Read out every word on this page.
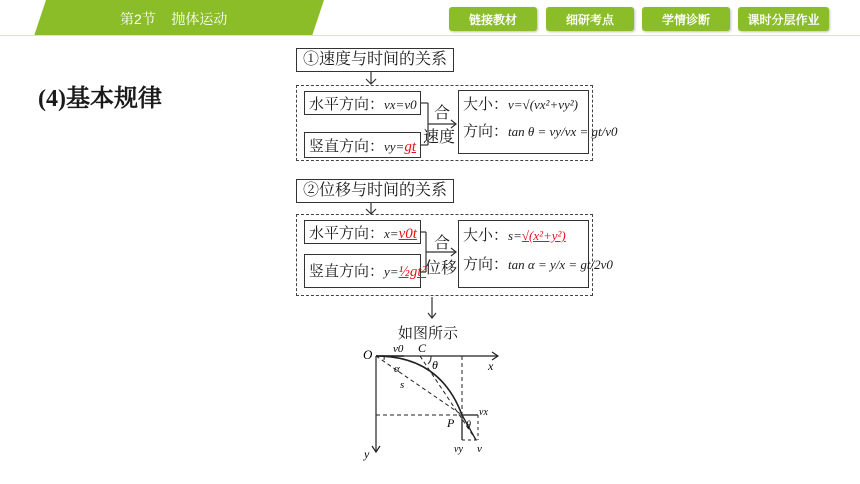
第2节    抛体运动	链接教材	细研考点	学情诊断	课时分层作业
(4)基本规律
①速度与时间的关系
水平方向：vx=v0
竖直方向：vy=gt
合
速度
大小：v=√(vx²+vy²)
方向：tan θ = vy/vx = gt/v0
②位移与时间的关系
水平方向：x=v0t
竖直方向：y=½gt²
合
位移
大小：s=√(x²+y²)
方向：tan α = y/x = gt/2v0
如图所示
O v0 C
θ	x
α
s
P θ
vx
vy v
y
